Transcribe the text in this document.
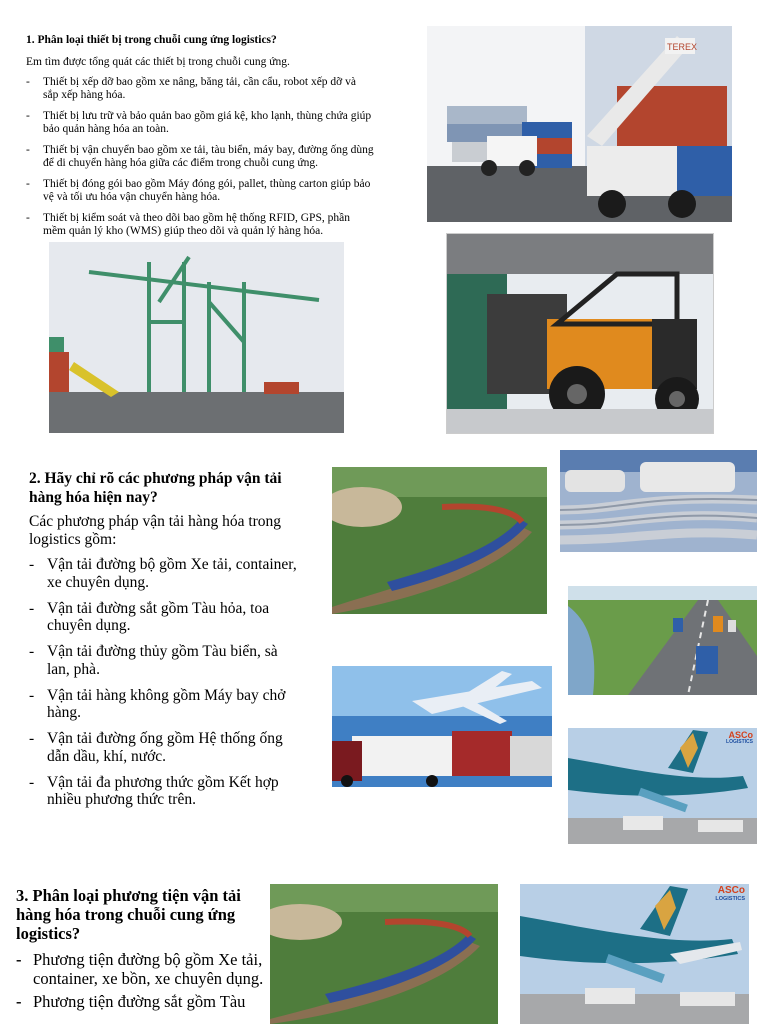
1. Phân loại thiết bị trong chuỗi cung ứng logistics?
Em tìm được tổng quát các thiết bị trong chuỗi cung ứng.
- Thiết bị xếp dỡ bao gồm xe nâng, băng tải, cần cẩu, robot xếp dỡ và sắp xếp hàng hóa.
- Thiết bị lưu trữ và bảo quản bao gồm giá kệ, kho lạnh, thùng chứa giúp bảo quản hàng hóa an toàn.
- Thiết bị vận chuyển bao gồm xe tải, tàu biển, máy bay, đường ống dùng để di chuyển hàng hóa giữa các điểm trong chuỗi cung ứng.
- Thiết bị đóng gói bao gồm Máy đóng gói, pallet, thùng carton giúp bảo vệ và tối ưu hóa vận chuyển hàng hóa.
- Thiết bị kiểm soát và theo dõi bao gồm hệ thống RFID, GPS, phần mềm quản lý kho (WMS) giúp theo dõi và quản lý hàng hóa.
TEREX
2. Hãy chỉ rõ các phương pháp vận tải hàng hóa hiện nay?
Các phương pháp vận tải hàng hóa trong logistics gồm:
- Vận tải đường bộ gồm Xe tải, container, xe chuyên dụng.
- Vận tải đường sắt gồm Tàu hỏa, toa chuyên dụng.
- Vận tải đường thủy gồm Tàu biển, sà lan, phà.
- Vận tải hàng không gồm Máy bay chở hàng.
- Vận tải đường ống gồm Hệ thống ống dẫn dầu, khí, nước.
- Vận tải đa phương thức gồm Kết hợp nhiều phương thức trên.
ASCo
LOGISTICS
3. Phân loại phương tiện vận tải hàng hóa trong chuỗi cung ứng logistics?
- Phương tiện đường bộ gồm Xe tải, container, xe bồn, xe chuyên dụng.
- Phương tiện đường sắt gồm Tàu
ASCo
LOGISTICS
